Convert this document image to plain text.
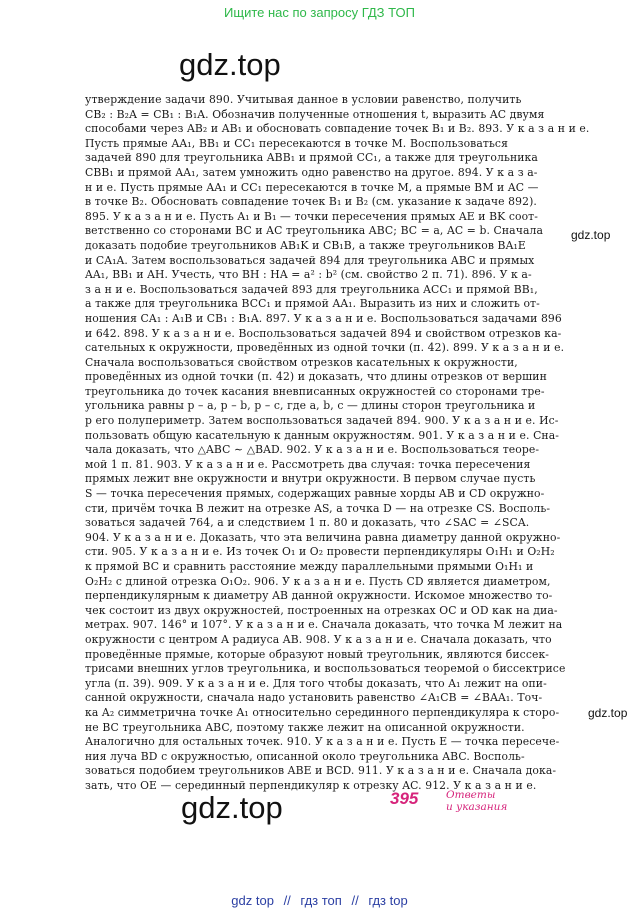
Ищите нас по запросу ГДЗ ТОП
gdz.top
gdz.top
gdz.top
gdz.top
утверждение задачи 890. Учитывая данное в условии равенство, получить
CB₂ : B₂A = CB₁ : B₁A. Обозначив полученные отношения t, выразить AC двумя
способами через AB₂ и AB₁ и обосновать совпадение точек B₁ и B₂. 893. У к а з а н и е.
Пусть прямые AA₁, BB₁ и CC₁ пересекаются в точке M. Воспользоваться
задачей 890 для треугольника ABB₁ и прямой CC₁, а также для треугольника
CBB₁ и прямой AA₁, затем умножить одно равенство на другое. 894. У к а з а-
н и е. Пусть прямые AA₁ и CC₁ пересекаются в точке M, а прямые BM и AC —
в точке B₂. Обосновать совпадение точек B₁ и B₂ (см. указание к задаче 892).
895. У к а з а н и е. Пусть A₁ и B₁ — точки пересечения прямых AE и BK соот-
ветственно со сторонами BC и AC треугольника ABC; BC = a, AC = b. Сначала
доказать подобие треугольников AB₁K и CB₁B, а также треугольников BA₁E
и CA₁A. Затем воспользоваться задачей 894 для треугольника ABC и прямых
AA₁, BB₁ и AH. Учесть, что BH : HA = a² : b² (см. свойство 2 п. 71). 896. У к а-
з а н и е. Воспользоваться задачей 893 для треугольника ACC₁ и прямой BB₁,
а также для треугольника BCC₁ и прямой AA₁. Выразить из них и сложить от-
ношения CA₁ : A₁B и CB₁ : B₁A. 897. У к а з а н и е. Воспользоваться задачами 896
и 642. 898. У к а з а н и е. Воспользоваться задачей 894 и свойством отрезков ка-
сательных к окружности, проведённых из одной точки (п. 42). 899. У к а з а н и е.
Сначала воспользоваться свойством отрезков касательных к окружности,
проведённых из одной точки (п. 42) и доказать, что длины отрезков от вершин
треугольника до точек касания вневписанных окружностей со сторонами тре-
угольника равны p – a, p – b, p – c, где a, b, c — длины сторон треугольника и
p его полупериметр. Затем воспользоваться задачей 894. 900. У к а з а н и е. Ис-
пользовать общую касательную к данным окружностям. 901. У к а з а н и е. Сна-
чала доказать, что △ABC ∼ △BAD. 902. У к а з а н и е. Воспользоваться теоре-
мой 1 п. 81. 903. У к а з а н и е. Рассмотреть два случая: точка пересечения
прямых лежит вне окружности и внутри окружности. В первом случае пусть
S — точка пересечения прямых, содержащих равные хорды AB и CD окружно-
сти, причём точка B лежит на отрезке AS, а точка D — на отрезке CS. Восполь-
зоваться задачей 764, а и следствием 1 п. 80 и доказать, что ∠SAC = ∠SCA.
904. У к а з а н и е. Доказать, что эта величина равна диаметру данной окружно-
сти. 905. У к а з а н и е. Из точек O₁ и O₂ провести перпендикуляры O₁H₁ и O₂H₂
к прямой BC и сравнить расстояние между параллельными прямыми O₁H₁ и
O₂H₂ с длиной отрезка O₁O₂. 906. У к а з а н и е. Пусть CD является диаметром,
перпендикулярным к диаметру AB данной окружности. Искомое множество то-
чек состоит из двух окружностей, построенных на отрезках OC и OD как на диа-
метрах. 907. 146° и 107°. У к а з а н и е. Сначала доказать, что точка M лежит на
окружности с центром A радиуса AB. 908. У к а з а н и е. Сначала доказать, что
проведённые прямые, которые образуют новый треугольник, являются биссек-
трисами внешних углов треугольника, и воспользоваться теоремой о биссектрисе
угла (п. 39). 909. У к а з а н и е. Для того чтобы доказать, что A₁ лежит на опи-
санной окружности, сначала надо установить равенство ∠A₁CB = ∠BAA₁. Точ-
ка A₂ симметрична точке A₁ относительно серединного перпендикуляра к сторо-
не BC треугольника ABC, поэтому также лежит на описанной окружности.
Аналогично для остальных точек. 910. У к а з а н и е. Пусть E — точка пересече-
ния луча BD с окружностью, описанной около треугольника ABC. Восполь-
зоваться подобием треугольников ABE и BCD. 911. У к а з а н и е. Сначала дока-
зать, что OE — серединный перпендикуляр к отрезку AC. 912. У к а з а н и е.
395	Ответы
и указания
gdz top // гдз топ // гдз top
